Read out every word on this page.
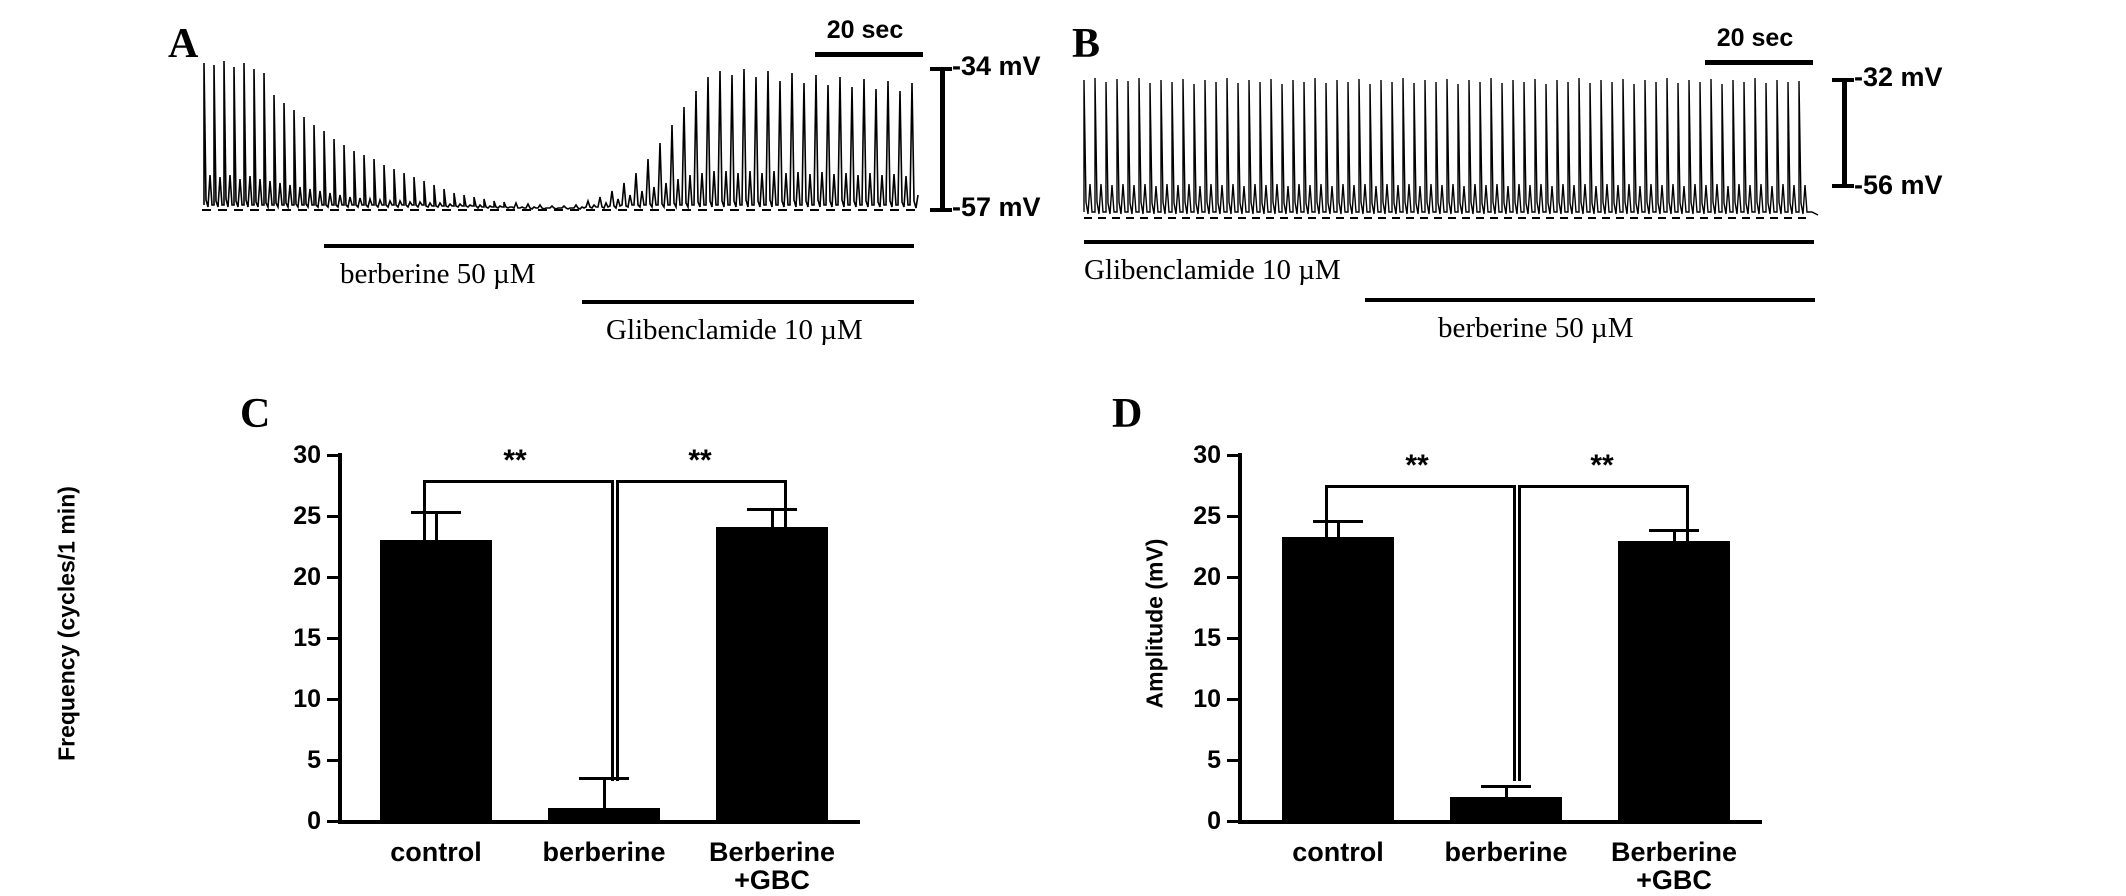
A	20 sec
-34 mV
-57 mV
berberine 50 µM
Glibenclamide 10 µM
B	20 sec
-32 mV
-56 mV
Glibenclamide 10 µM
berberine 50 µM
C
Frequency (cycles/1 min)
30
25
20
15
10
5
0
**	**
control	berberine	Berberine
+GBC
D
Amplitude (mV)
30
25
20
15
10
5
0
**	**
control	berberine	Berberine
+GBC
